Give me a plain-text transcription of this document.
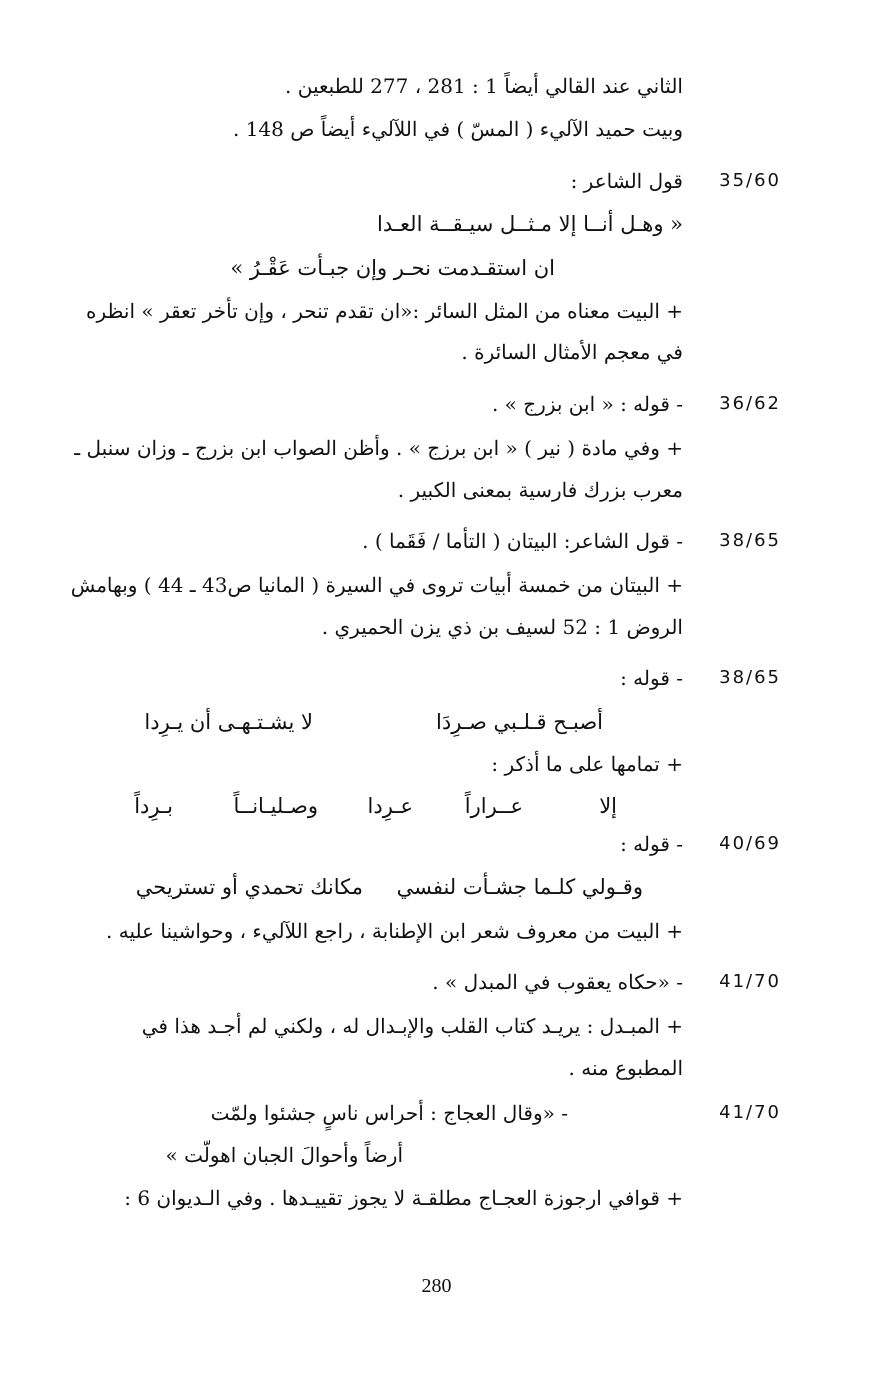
الثاني عند القالي أيضاً 1 : 281 ، 277 للطبعين .
وبيت حميد الآلي‌ء ( المسّ ) في اللآلي‌ء أيضاً ص 148 .
35/60
قول الشاعر :
« وهـل أنــا إلا مـثــل سيـقــة العـدا
ان استقـدمت نحـر وإن جبـأت عَقْـرُ »
+ البيت معناه من المثل السائر :«ان تقدم تنحر ، وإن تأخر تعقر » انظره
في معجم الأمثال السائرة .
36/62
- قوله : « ابن بزرج » .
+ وفي مادة ( نير ) « ابن برزج » . وأظن الصواب ابن بزرج ـ وزان سنبل ـ
معرب بزرك فارسية بمعنى الكبير .
38/65
- قول الشاعر: البيتان ( التأما / فَقَما ) .
+ البيتان من خمسة أبيات تروى في السيرة ( المانيا ص43 ـ 44 ) وبهامش
الروض 1 : 52 لسيف بن ذي يزن الحميري .
38/65
- قوله :
أصبـح قـلـبي صـرِدَا
لا يشـتـهـى أن يـرِدا
+ تمامها على ما أذكر :
إلا
عــراراً
عـرِدا
وصـليـانــاً
بـرِداً
40/69
- قوله :
وقـولي كلـما جشـأت لنفسي
مكانك تحمدي أو تستريحي
+ البيت من معروف شعر ابن الإطنابة ، راجع اللآلي‌ء ، وحواشينا عليه .
41/70
- «حكاه يعقوب في المبدل » .
+ المبـدل : يريـد كتاب القلب والإبـدال له ، ولكني لم أجـد هذا في
المطبوع منه .
41/70
- «وقال العجاج : أحراس ناسٍ جشئوا ولمّت
أرضاً وأحوالَ الجبان اهولّت »
+ قوافي ارجوزة العجـاج مطلقـة لا يجوز تقييـدها . وفي الـديوان 6 :
280
